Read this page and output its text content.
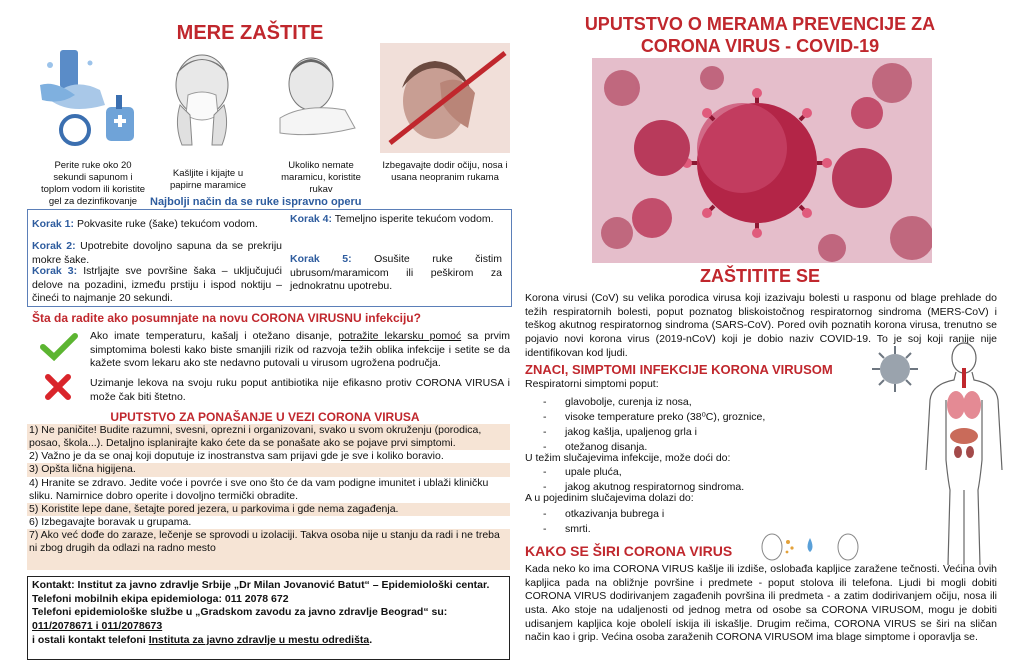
MERE ZAŠTITE
Perite ruke oko 20 sekundi sapunom i toplom vodom ili koristite gel za dezinfikovanje
Kašljite i kijajte u papirne maramice
Ukoliko nemate maramicu, koristite rukav
Izbegavajte dodir očiju, nosa i usana neopranim rukama
Najbolji način da se ruke ispravno operu
Korak 1: Pokvasite ruke (šake) tekućom vodom.
Korak 2: Upotrebite dovoljno sapuna da se prekriju mokre šake.
Korak 3: Istrljajte sve površine šaka – uključujući delove na pozadini, između prstiju i ispod noktiju – čineći to najmanje 20 sekundi.
Korak 4: Temeljno isperite tekućom vodom.
Korak 5: Osušite ruke čistim ubrusom/maramicom ili peškirom za jednokratnu upotrebu.
Šta da radite ako posumnjate na novu CORONA VIRUSNU infekciju?
Ako imate temperaturu, kašalj i otežano disanje, potražite lekarsku pomoć sa prvim simptomima bolesti kako biste smanjili rizik od razvoja težih oblika infekcije i setite se da kažete svom lekaru ako ste nedavno putovali u virusom ugrožena područja.
Uzimanje lekova na svoju ruku poput antibiotika nije efikasno protiv CORONA VIRUSA i može čak biti štetno.
UPUTSTVO ZA PONAŠANJE U VEZI CORONA VIRUSA
1) Ne paničite! Budite razumni, svesni, oprezni i organizovani, svako u svom okruženju (porodica, posao, škola...). Detaljno isplanirajte kako ćete da se ponašate ako se pojave prvi simptomi.
2) Važno je da se onaj koji doputuje iz inostranstva sam prijavi gde je sve i koliko boravio.
3) Opšta lična higijena.
4) Hranite se zdravo. Jedite voće i povrće i sve ono što će da vam podigne imunitet i ublaži kliničku sliku. Namirnice dobro operite i dovoljno termički obradite.
5) Koristite lepe dane, šetajte pored jezera, u parkovima i gde nema zagađenja.
6) Izbegavajte boravak u grupama.
7) Ako već dođe do zaraze, lečenje se sprovodi u izolaciji. Takva osoba nije u stanju da radi i ne treba ni zbog drugih da odlazi na radno mesto
Kontakt: Institut za javno zdravlje Srbije „Dr Milan Jovanović Batut“ – Epidemiološki centar.
Telefoni mobilnih ekipa epidemiologa: 011 2078 672
Telefoni epidemiološke službe u „Gradskom zavodu za javno zdravlje Beograd“ su:
011/2078671 i 011/2078673
i ostali kontakt telefoni Instituta za javno zdravlje u mestu odredišta.
UPUTSTVO O MERAMA PREVENCIJE ZA CORONA VIRUS - COVID-19
ZAŠTITITE SE
Korona virusi (CoV) su velika porodica virusa koji izazivaju bolesti u rasponu od blage prehlade do težih respiratornih bolesti, poput poznatog bliskoistočnog respiratornog sindroma (MERS-CoV) i teškog akutnog respiratornog sindroma (SARS-CoV). Pored ovih poznatih korona virusa, trenutno se pojavio novi korona virus (2019-nCoV) koji je dobio naziv COVID-19. To je soj koji ranije nije identifikovan kod ljudi.
ZNACI, SIMPTOMI INFEKCIJE KORONA VIRUSOM
Respiratorni simptomi poput:
- glavobolje, curenja iz nosa,
- visoke temperature preko (38⁰C), groznice,
- jakog kašlja, upaljenog grla i
- otežanog disanja.
U težim slučajevima infekcije, može doći do:
- upale pluća,
- jakog akutnog respiratornog sindroma.
A u pojedinim slučajevima dolazi do:
- otkazivanja bubrega i
- smrti.
KAKO SE ŠIRI CORONA VIRUS
Kada neko ko ima CORONA VIRUS kašlje ili izdiše, oslobađa kapljice zaražene tečnosti. Većina ovih kapljica pada na obližnje površine i predmete - poput stolova ili telefona. Ljudi bi mogli dobiti CORONA VIRUS dodirivanjem zagađenih površina ili predmeta - a zatim dodirivanjem očiju, nosa ili usta. Ako stoje na udaljenosti od jednog metra od osobe sa CORONA VIRUSOM, mogu je dobiti udisanjem kapljica koje obolelí iskija ili iskašlje. Drugim rečima, CORONA VIRUS se širi na sličan način kao i grip. Većina osoba zaraženih CORONA VIRUSOM ima blage simptome i oporavlja se.
